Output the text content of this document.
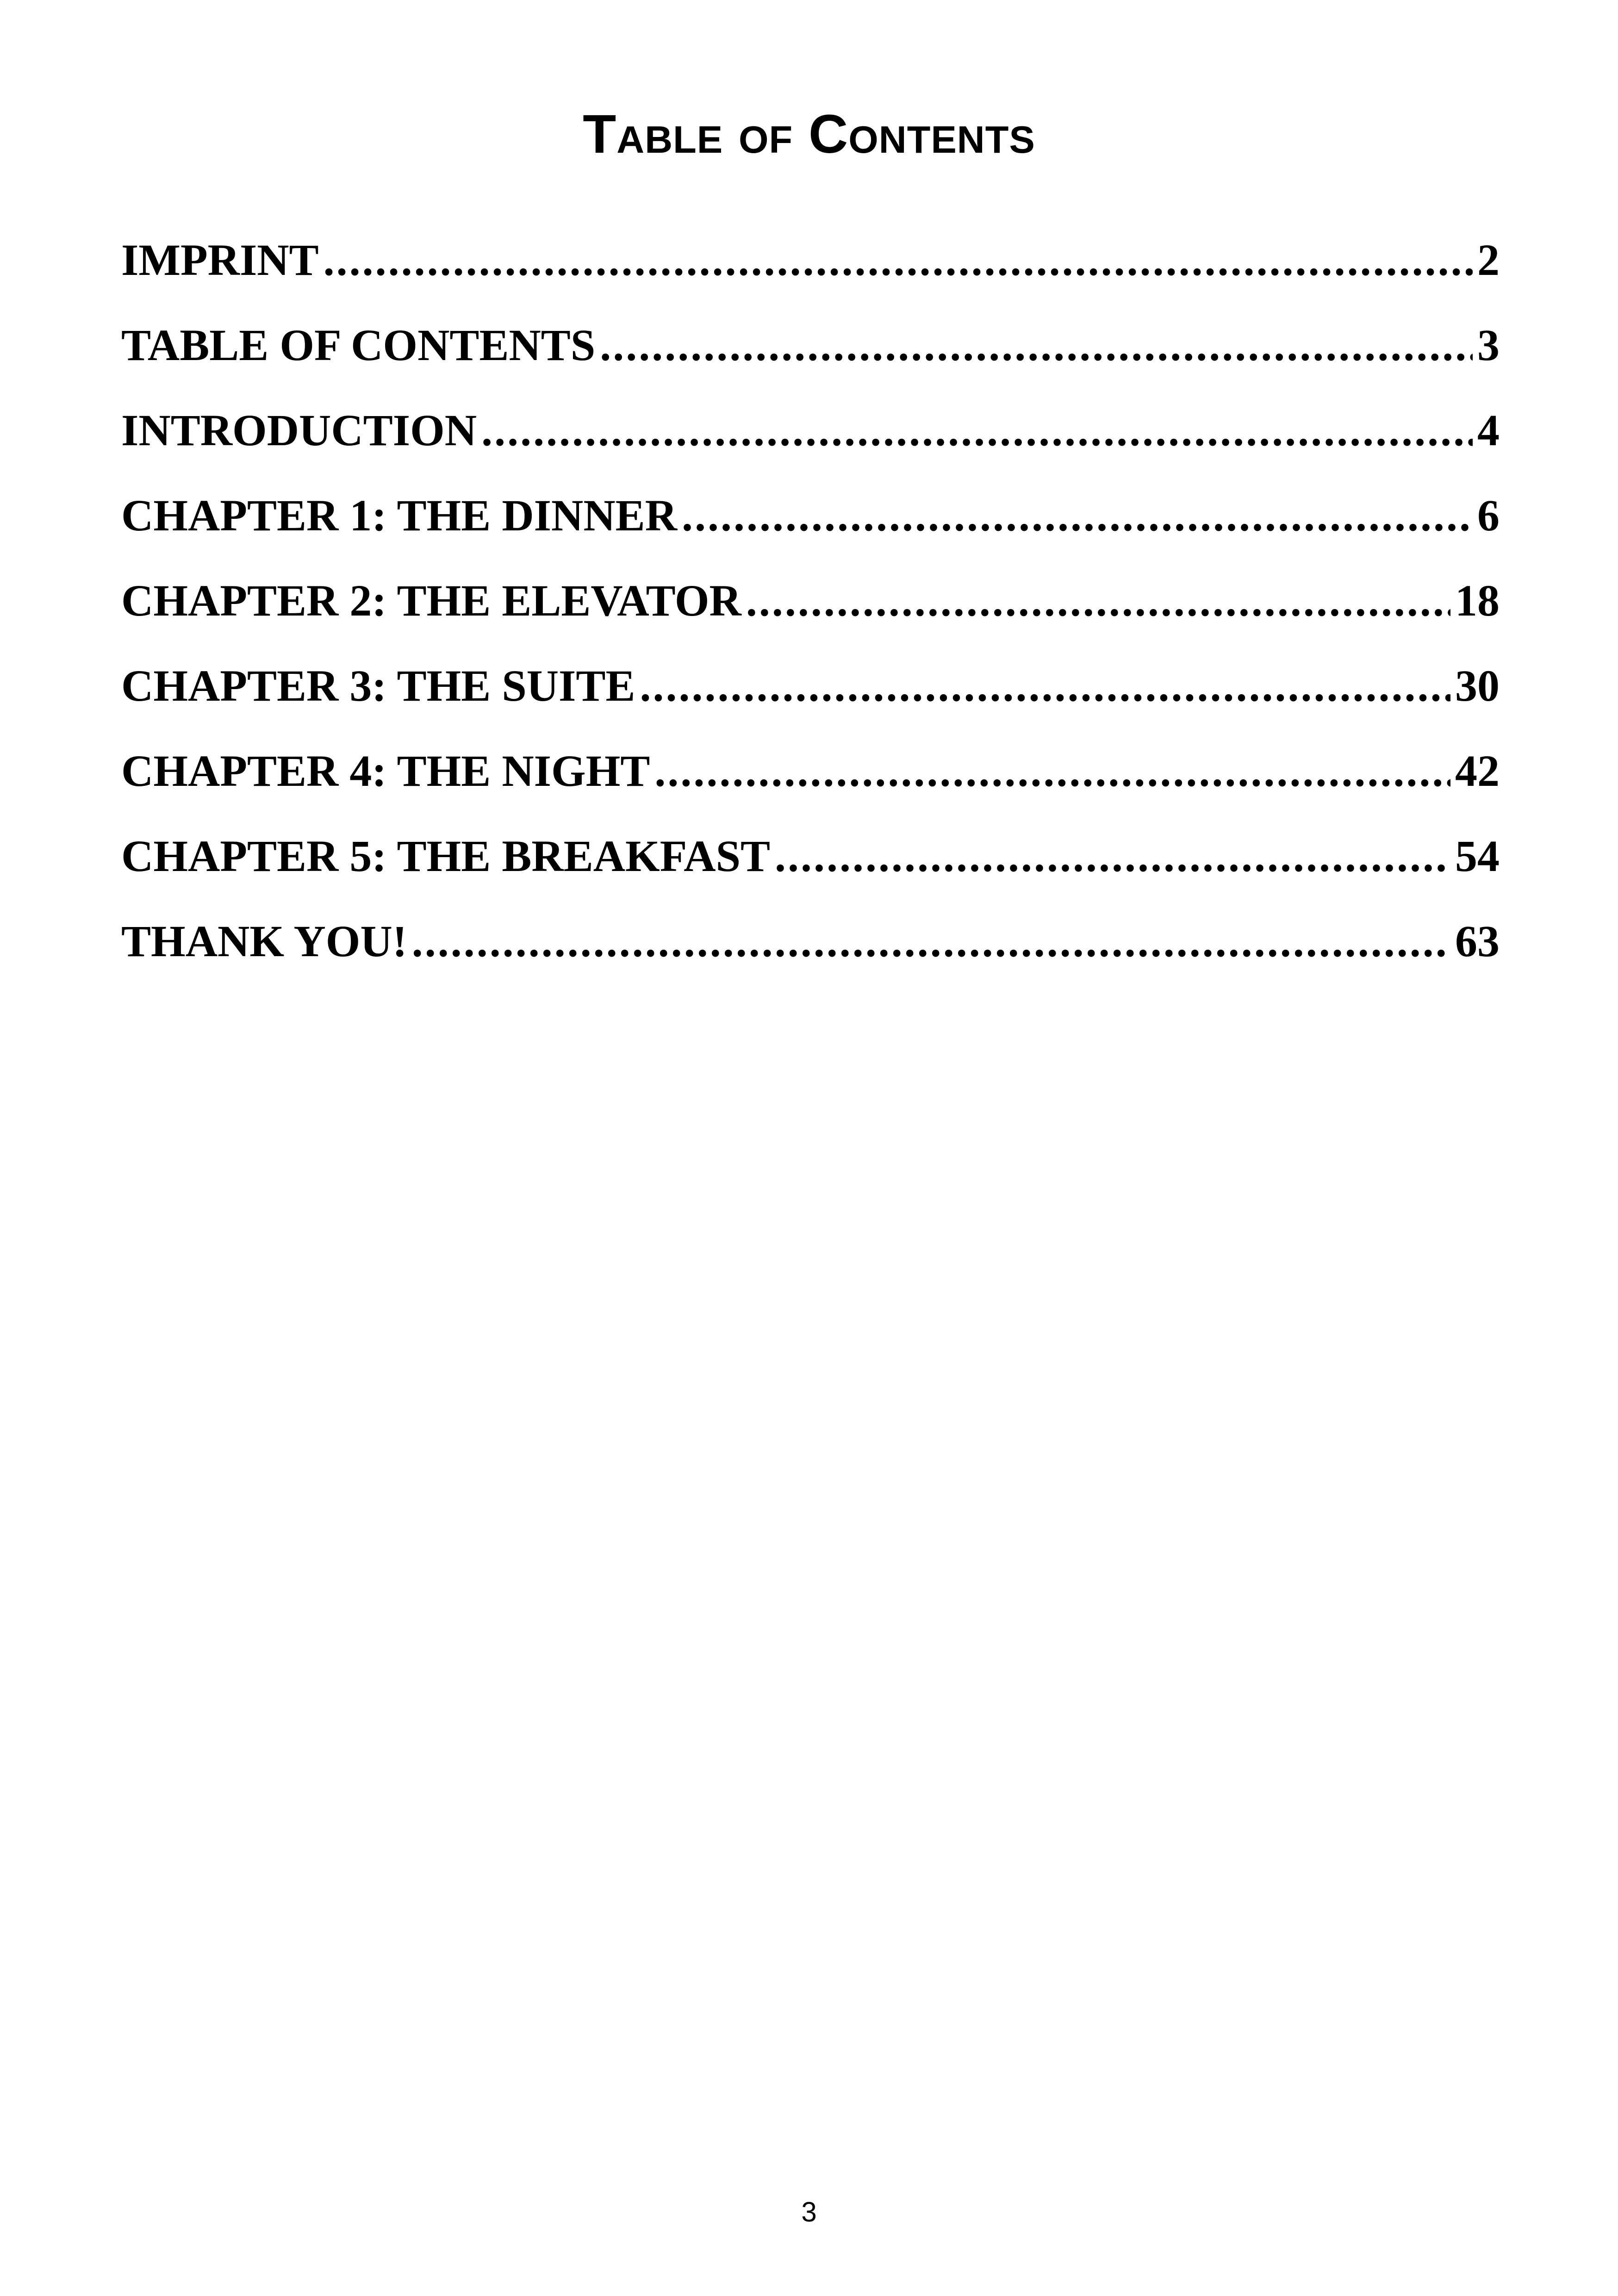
Table of Contents
IMPRINT .....	2
TABLE OF CONTENTS .....	3
INTRODUCTION .....	4
CHAPTER 1: THE DINNER .....	6
CHAPTER 2: THE ELEVATOR .....	18
CHAPTER 3: THE SUITE .....	30
CHAPTER 4: THE NIGHT .....	42
CHAPTER 5: THE BREAKFAST .....	54
THANK YOU! .....	63
3
